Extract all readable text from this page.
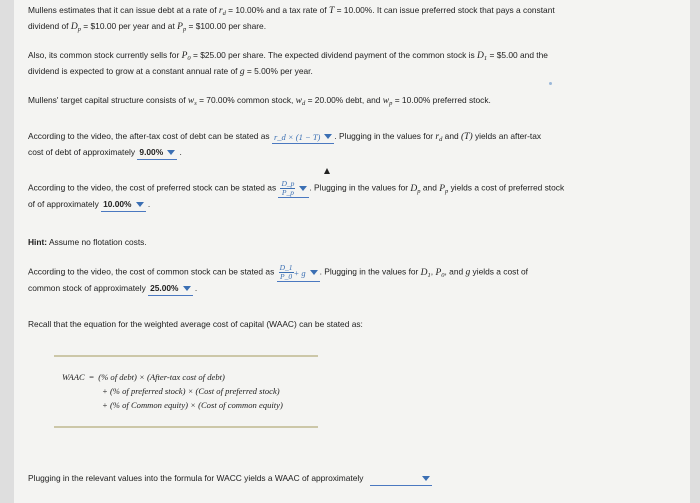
Mullens estimates that it can issue debt at a rate of $r_d = 10.00\%$ and a tax rate of T = 10.00%. It can issue preferred stock that pays a constant
dividend of $D_p$ = $10.00 per year and at $P_p$ = $100.00 per share.
Also, its common stock currently sells for $P_0$ = $25.00 per share. The expected dividend payment of the common stock is $D_1$ = $5.00 and the
dividend is expected to grow at a constant annual rate of g = 5.00% per year.
Mullens' target capital structure consists of $w_s = 70.00\%$ common stock, $w_d = 20.00\%$ debt, and $w_p = 10.00\%$ preferred stock.
According to the video, the after-tax cost of debt can be stated as r_d × (1 − T) . Plugging in the values for $r_d$ and (T) yields an after-tax
cost of debt of approximately 9.00% .
According to the video, the cost of preferred stock can be stated as $\frac{D\_p}{P\_p}$ . Plugging in the values for $D_p$ and $P_p$ yields a cost of preferred stock
of of approximately 10.00% .
Hint: Assume no flotation costs.
According to the video, the cost of common stock can be stated as $\frac{D\_1}{P\_0} + g$ . Plugging in the values for $D_1$, $P_0$, and g yields a cost of
common stock of approximately 25.00% .
Recall that the equation for the weighted average cost of capital (WAAC) can be stated as:
WAAC = (% of debt) × (After-tax cost of debt)
+ (% of preferred stock) × (Cost of preferred stock)
+ (% of Common equity) × (Cost of common equity)
Plugging in the relevant values into the formula for WACC yields a WAAC of approximately
